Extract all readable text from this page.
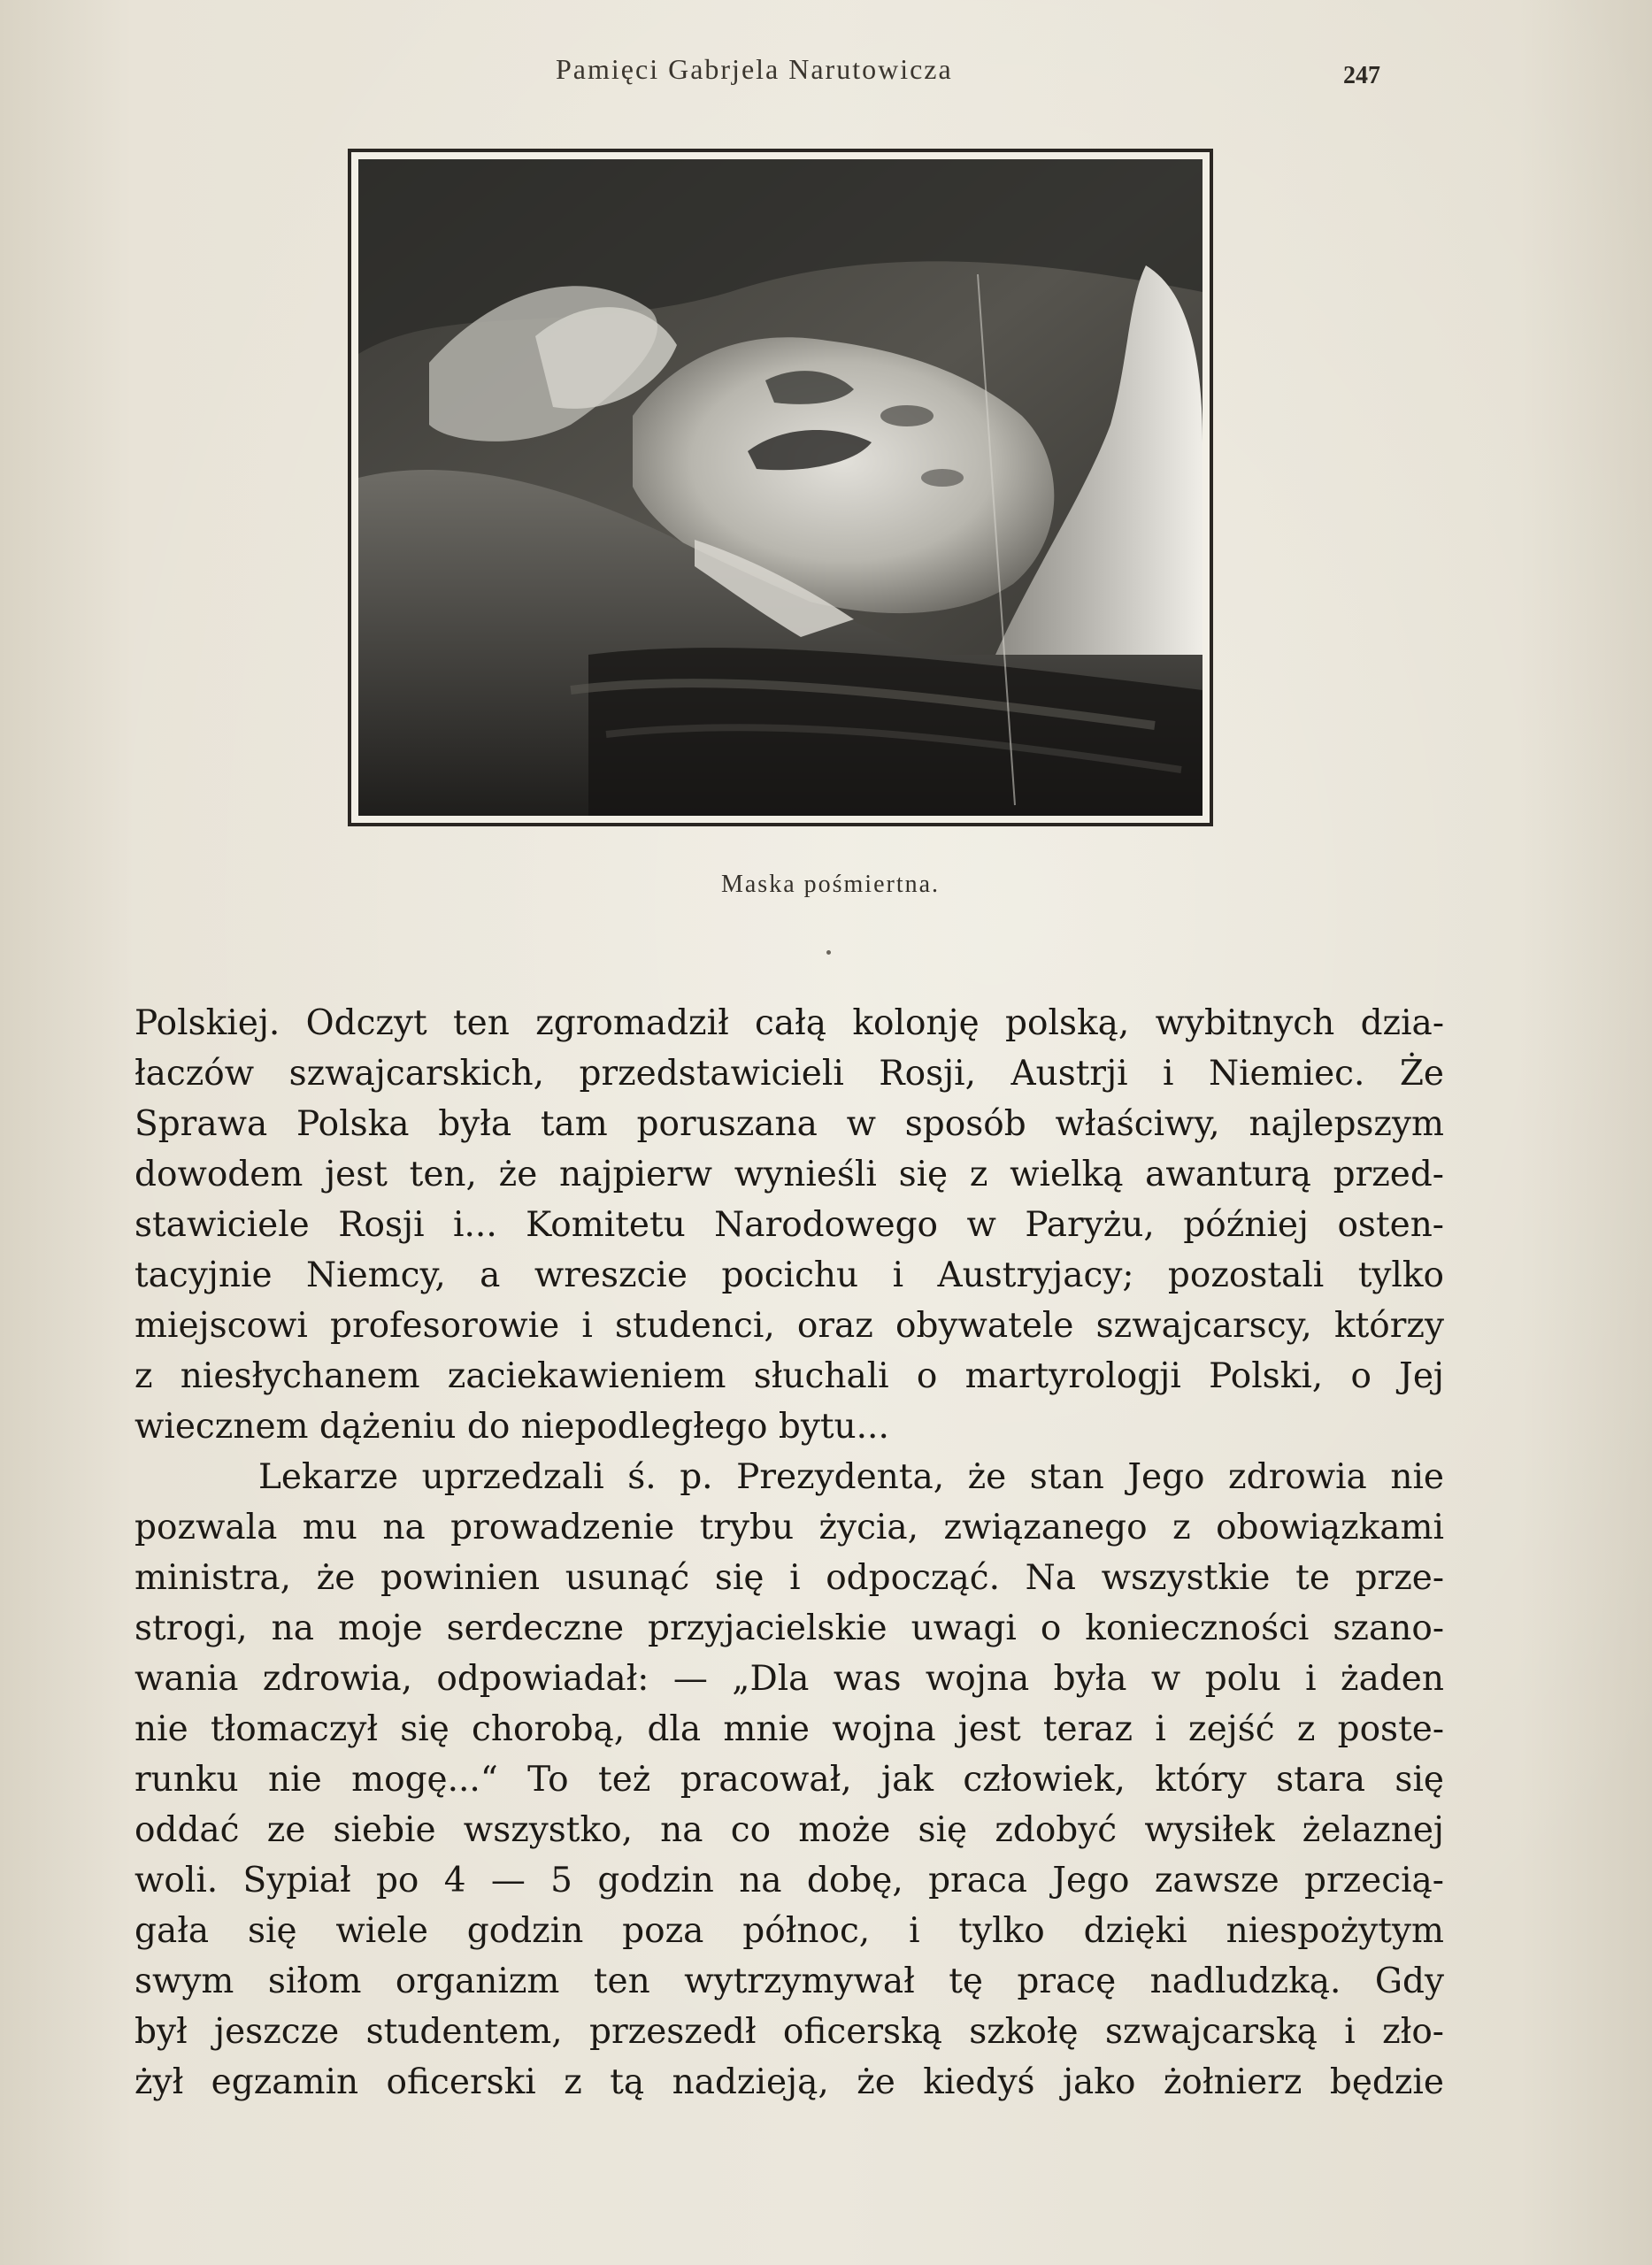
Pamięci Gabrjela Narutowicza	247
Maska pośmiertna.
Polskiej. Odczyt ten zgromadził całą kolonję polską, wybitnych dzia-
łaczów szwajcarskich, przedstawicieli Rosji, Austrji i Niemiec. Że
Sprawa Polska była tam poruszana w sposób właściwy, najlepszym
dowodem jest ten, że najpierw wynieśli się z wielką awanturą przed-
stawiciele Rosji i... Komitetu Narodowego w Paryżu, później osten-
tacyjnie Niemcy, a wreszcie pocichu i Austryjacy; pozostali tylko
miejscowi profesorowie i studenci, oraz obywatele szwajcarscy, którzy
z niesłychanem zaciekawieniem słuchali o martyrologji Polski, o Jej
wiecznem dążeniu do niepodległego bytu...
Lekarze uprzedzali ś. p. Prezydenta, że stan Jego zdrowia nie
pozwala mu na prowadzenie trybu życia, związanego z obowiązkami
ministra, że powinien usunąć się i odpocząć. Na wszystkie te prze-
strogi, na moje serdeczne przyjacielskie uwagi o konieczności szano-
wania zdrowia, odpowiadał: — „Dla was wojna była w polu i żaden
nie tłomaczył się chorobą, dla mnie wojna jest teraz i zejść z poste-
runku nie mogę...“ To też pracował, jak człowiek, który stara się
oddać ze siebie wszystko, na co może się zdobyć wysiłek żelaznej
woli. Sypiał po 4 — 5 godzin na dobę, praca Jego zawsze przecią-
gała się wiele godzin poza północ, i tylko dzięki niespożytym
swym siłom organizm ten wytrzymywał tę pracę nadludzką. Gdy
był jeszcze studentem, przeszedł oficerską szkołę szwajcarską i zło-
żył egzamin oficerski z tą nadzieją, że kiedyś jako żołnierz będzie
